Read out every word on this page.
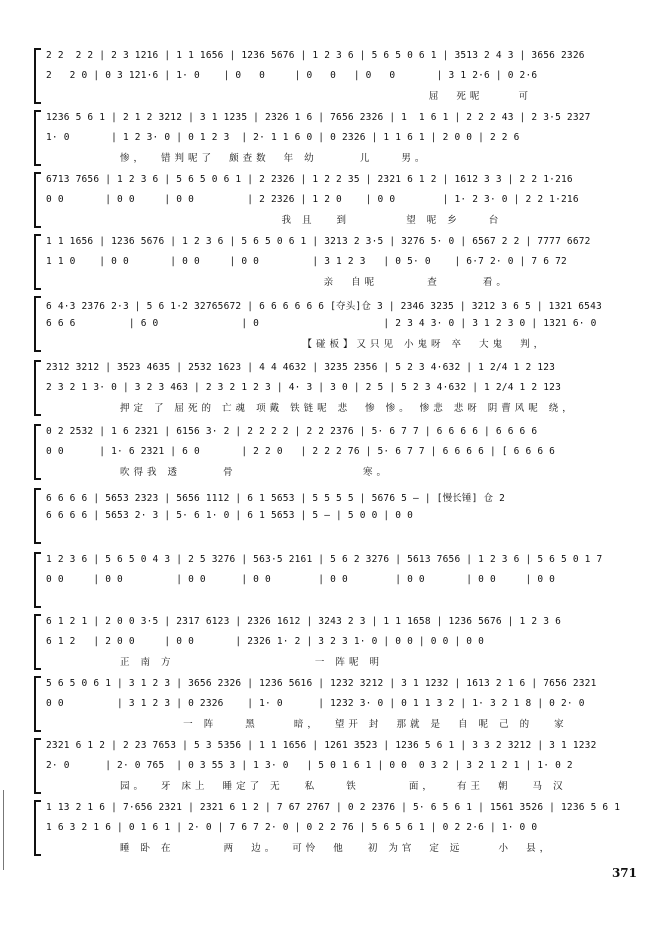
2 2  2 2 | 2 3 1216 | 1 1 1656 | 1236 5676 | 1 2 3 6 | 5 6 5 0 6 1 | 3513 2 4 3 | 3656 2326
2   2 0 | 0 3 121·6 | 1· 0    | 0   0     | 0   0   | 0   0       | 3 1 2·6 | 0 2·6
屈  死呢     可
1236 5 6 1 | 2 1 2 3212 | 3 1 1235 | 2326 1 6 | 7656 2326 | 1  1 6 1 | 2 2 2 43 | 2 3·5 2327
1· 0       | 1 2 3· 0 | 0 1 2 3  | 2· 1 1 6 0 | 0 2326 | 1 1 6 1 | 2 0 0 | 2 2 6
惨，  错判呢了  颇查数  年 幼      儿    男。
6713 7656 | 1 2 3 6 | 5 6 5 0 6 1 | 2 2326 | 1 2 2 35 | 2321 6 1 2 | 1612 3 3 | 2 2 1·216
0 0       | 0 0     | 0 0         | 2 2326 | 1 2 0    | 0 0        | 1· 2 3· 0 | 2 2 1·216
我 且   到        望 呢 乡    台
1 1 1656 | 1236 5676 | 1 2 3 6 | 5 6 5 0 6 1 | 3213 2 3·5 | 3276 5· 0 | 6567 2 2 | 7777 6672
1 1 0    | 0 0       | 0 0     | 0 0         | 3 1 2 3   | 0 5· 0    | 6·7 2· 0 | 7 6 72
亲  自呢       查      看。
6 4·3 2376 2·3 | 5 6 1·2 32765672 | 6 6 6 6 6 6 [夺头]仓 3 | 2346 3235 | 3212 3 6 5 | 1321 6543
6 6 6         | 6 0              | 0                     | 2 3 4 3· 0 | 3 1 2 3 0 | 1321 6· 0
【碰板】又只见 小鬼呀 卒  大鬼  判，
2312 3212 | 3523 4635 | 2532 1623 | 4 4 4632 | 3235 2356 | 5 2 3 4·632 | 1 2/4 1 2 123
2 3 2 1 3· 0 | 3 2 3 463 | 2 3 2 1 2 3 | 4· 3 | 3 0 | 2 5 | 5 2 3 4·632 | 1 2/4 1 2 123
押定 了 屈死的 亡魂 项戴 铁链呢 悲  惨 惨。 惨悲 悲呀 阴曹风呢 绕，
0 2 2532 | 1 6 2321 | 6156 3· 2 | 2 2 2 2 | 2 2 2376 | 5· 6 7 7 | 6 6 6 6 | 6 6 6 6
0 0      | 1· 6 2321 | 6 0       | 2 2 0   | 2 2 2 76 | 5· 6 7 7 | 6 6 6 6 | [ 6 6 6 6
吹得我 透      骨                  寒。
6 6 6 6 | 5653 2323 | 5656 1112 | 6 1 5653 | 5 5 5 5 | 5676 5 — | [慢长锤] 仓 2
6 6 6 6 | 5653 2· 3 | 5· 6 1· 0 | 6 1 5653 | 5 — | 5 0 0 | 0 0
1 2 3 6 | 5 6 5 0 4 3 | 2 5 3276 | 563·5 2161 | 5 6 2 3276 | 5613 7656 | 1 2 3 6 | 5 6 5 0 1 7
0 0     | 0 0         | 0 0      | 0 0        | 0 0        | 0 0       | 0 0     | 0 0
6 1 2 1 | 2 0 0 3·5 | 2317 6123 | 2326 1612 | 3243 2 3 | 1 1 1658 | 1236 5676 | 1 2 3 6
6 1 2   | 2 0 0     | 0 0       | 2326 1· 2 | 3 2 3 1· 0 | 0 0 | 0 0 | 0 0
正 南 方                    一 阵呢 明
5 6 5 0 6 1 | 3 1 2 3 | 3656 2326 | 1236 5616 | 1232 3212 | 3 1 1232 | 1613 2 1 6 | 7656 2321
0 0         | 3 1 2 3 | 0 2326    | 1· 0      | 1232 3· 0 | 0 1 1 3 2 | 1· 3 2 1 8 | 0 2· 0
一 阵    黑     暗，  望开 封  那就 是  自 呢 己 的   家
2321 6 1 2 | 2 23 7653 | 5 3 5356 | 1 1 1656 | 1261 3523 | 1236 5 6 1 | 3 3 2 3212 | 3 1 1232
2· 0      | 2· 0 765  | 0 3 55 3 | 1 3· 0   | 5 0 1 6 1 | 0 0  0 3 2 | 3 2 1 2 1 | 1· 0 2
园。  牙 床上  睡定了 无   私    铁       面，   有王  朝   马 汉
1 13 2 1 6 | 7·656 2321 | 2321 6 1 2 | 7 67 2767 | 0 2 2376 | 5· 6 5 6 1 | 1561 3526 | 1236 5 6 1
1 6 3 2 1 6 | 0 1 6 1 | 2· 0 | 7 6 7 2· 0 | 0 2 2 76 | 5 6 5 6 1 | 0 2 2·6 | 1· 0 0
睡 卧 在       两  边。  可怜  他   初 为官  定 远     小  县，
371
